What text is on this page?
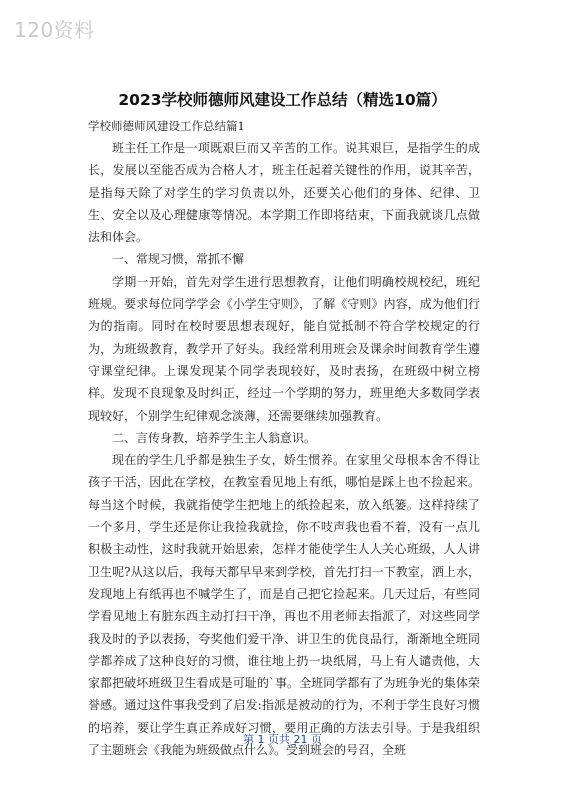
120资料
2023学校师德师风建设工作总结（精选10篇）
学校师德师风建设工作总结篇1

班主任工作是一项既艰巨而又辛苦的工作。说其艰巨，是指学生的成长，发展以至能否成为合格人才，班主任起着关键性的作用，说其辛苦，是指每天除了对学生的学习负责以外，还要关心他们的身体、纪律、卫生、安全以及心理健康等情况。本学期工作即将结束，下面我就谈几点做法和体会。

一、常规习惯，常抓不懈

学期一开始，首先对学生进行思想教育，让他们明确校规校纪，班纪班规。要求每位同学学会《小学生守则》，了解《守则》内容，成为他们行为的指南。同时在校时要思想表现好，能自觉抵制不符合学校规定的行为，为班级教育，教学开了好头。我经常利用班会及课余时间教育学生遵守课堂纪律。上课发现某个同学表现较好，及时表扬，在班级中树立榜样。发现不良现象及时纠正，经过一个学期的努力，班里绝大多数同学表现较好，个别学生纪律观念淡薄，还需要继续加强教育。

二、言传身教，培养学生主人翁意识。

现在的学生几乎都是独生子女，娇生惯养。在家里父母根本舍不得让孩子干活，因此在学校，在教室看见地上有纸，哪怕是踩上也不捡起来。每当这个时候，我就指使学生把地上的纸捡起来，放入纸篓。这样持续了一个多月，学生还是你让我捡我就捡，你不吱声我也看不着，没有一点儿积极主动性，这时我就开始思索，怎样才能使学生人人关心班级，人人讲卫生呢?从这以后，我每天都早早来到学校，首先打扫一下教室，洒上水，发现地上有纸再也不喊学生了，而是自己把它捡起来。几天过后，有些同学看见地上有脏东西主动打扫干净，再也不用老师去指派了，对这些同学我及时的予以表扬，夸奖他们爱干净、讲卫生的优良品行，渐渐地全班同学都养成了这种良好的习惯，谁往地上扔一块纸屑，马上有人谴责他，大家都把破坏班级卫生看成是可耻的`事。全班同学都有了为班争光的集体荣誉感。通过这件事我受到了启发:指派是被动的行为，不利于学生良好习惯的培养，要让学生真正养成好习惯，要用正确的方法去引导。于是我组织了主题班会《我能为班级做点什么》。受到班会的号召，全班

第 1 页共 21 页
